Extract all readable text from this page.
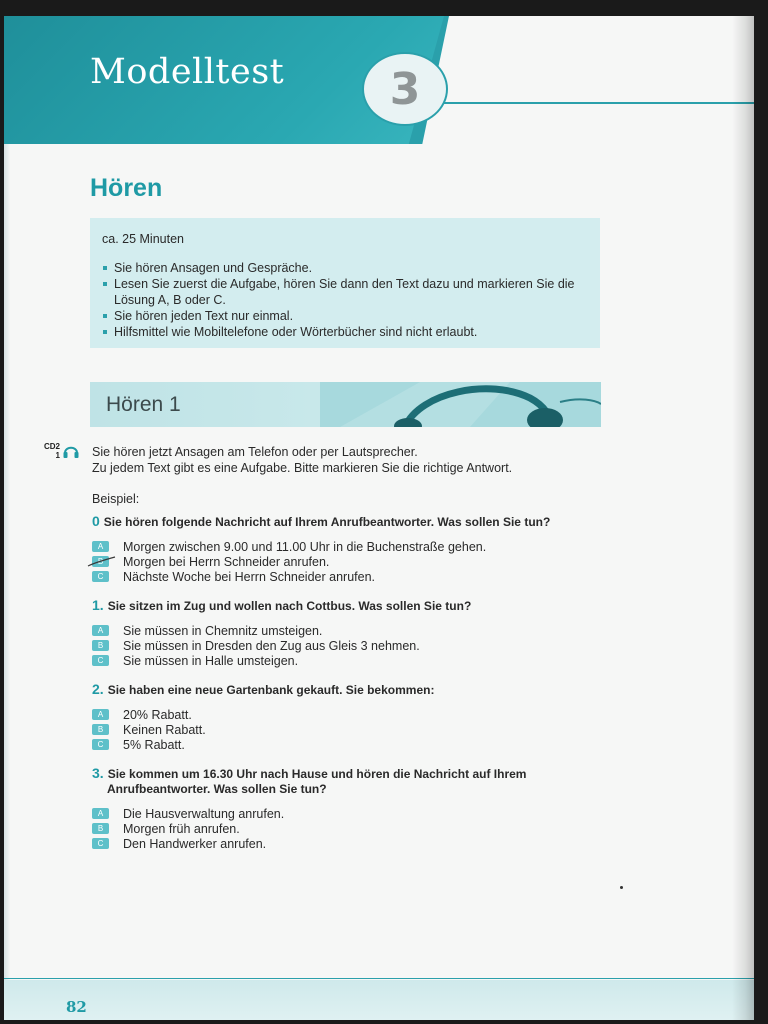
Modelltest	3
Hören
ca. 25 Minuten
Sie hören Ansagen und Gespräche.
Lesen Sie zuerst die Aufgabe, hören Sie dann den Text dazu und markieren Sie die Lösung A, B oder C.
Sie hören jeden Text nur einmal.
Hilfsmittel wie Mobiltelefone oder Wörterbücher sind nicht erlaubt.
Hören 1
CD2
1	Sie hören jetzt Ansagen am Telefon oder per Lautsprecher.
Zu jedem Text gibt es eine Aufgabe. Bitte markieren Sie die richtige Antwort.
Beispiel:
0 Sie hören folgende Nachricht auf Ihrem Anrufbeantworter. Was sollen Sie tun?
A	Morgen zwischen 9.00 und 11.00 Uhr in die Buchenstraße gehen.
B	Morgen bei Herrn Schneider anrufen.
C	Nächste Woche bei Herrn Schneider anrufen.
1. Sie sitzen im Zug und wollen nach Cottbus. Was sollen Sie tun?
A	Sie müssen in Chemnitz umsteigen.
B	Sie müssen in Dresden den Zug aus Gleis 3 nehmen.
C	Sie müssen in Halle umsteigen.
2. Sie haben eine neue Gartenbank gekauft. Sie bekommen:
A	20% Rabatt.
B	Keinen Rabatt.
C	5% Rabatt.
3. Sie kommen um 16.30 Uhr nach Hause und hören die Nachricht auf Ihrem
Anrufbeantworter. Was sollen Sie tun?
A	Die Hausverwaltung anrufen.
B	Morgen früh anrufen.
C	Den Handwerker anrufen.
82
